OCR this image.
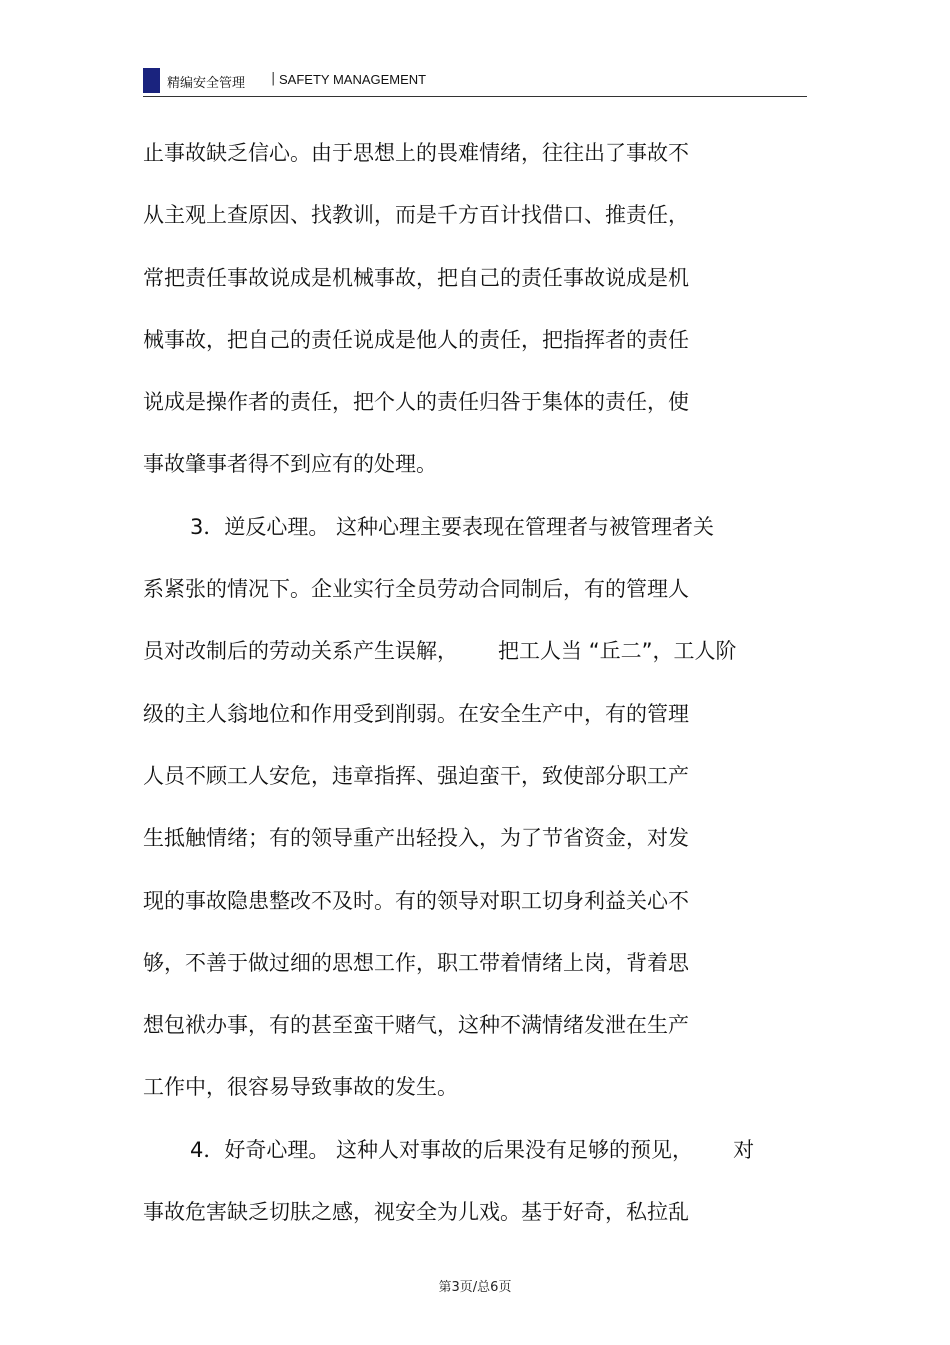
精编安全管理 | SAFETY MANAGEMENT
止事故缺乏信心。由于思想上的畏难情绪，往往出了事故不
从主观上查原因、找教训，而是千方百计找借口、推责任，
常把责任事故说成是机械事故，把自己的责任事故说成是机
械事故，把自己的责任说成是他人的责任，把指挥者的责任
说成是操作者的责任，把个人的责任归咎于集体的责任，使
事故肇事者得不到应有的处理。
3．逆反心理。 这种心理主要表现在管理者与被管理者关
系紧张的情况下。企业实行全员劳动合同制后，有的管理人
员对改制后的劳动关系产生误解，      把工人当 “丘二”，工人阶
级的主人翁地位和作用受到削弱。在安全生产中，有的管理
人员不顾工人安危，违章指挥、强迫蛮干，致使部分职工产
生抵触情绪；有的领导重产出轻投入，为了节省资金，对发
现的事故隐患整改不及时。有的领导对职工切身利益关心不
够，不善于做过细的思想工作，职工带着情绪上岗，背着思
想包袱办事，有的甚至蛮干赌气，这种不满情绪发泄在生产
工作中，很容易导致事故的发生。
4．好奇心理。 这种人对事故的后果没有足够的预见，      对
事故危害缺乏切肤之感，视安全为儿戏。基于好奇，私拉乱
第3页/总6页
